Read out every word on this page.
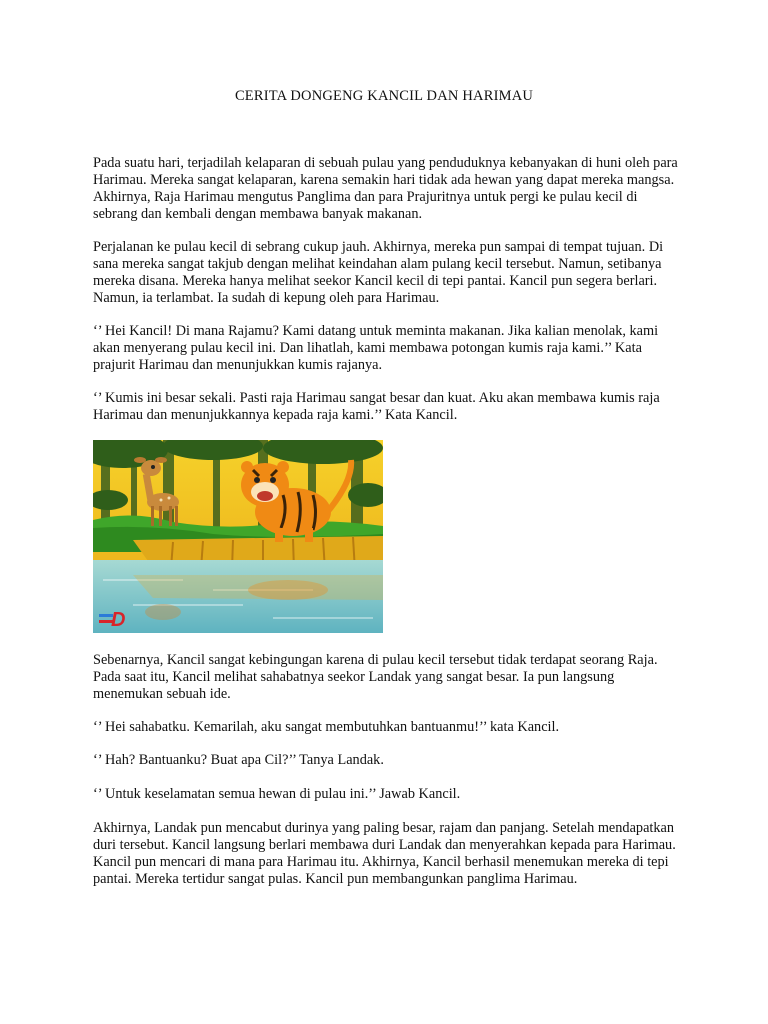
CERITA DONGENG KANCIL DAN HARIMAU

Pada suatu hari, terjadilah kelaparan di sebuah pulau yang penduduknya kebanyakan di huni oleh para Harimau. Mereka sangat kelaparan, karena semakin hari tidak ada hewan yang dapat mereka mangsa. Akhirnya, Raja Harimau mengutus Panglima dan para Prajuritnya untuk pergi ke pulau kecil di sebrang dan kembali dengan membawa banyak makanan.

Perjalanan ke pulau kecil di sebrang cukup jauh. Akhirnya, mereka pun sampai di tempat tujuan. Di sana mereka sangat takjub dengan melihat keindahan alam pulang kecil tersebut. Namun, setibanya mereka disana. Mereka hanya melihat seekor Kancil kecil di tepi pantai. Kancil pun segera berlari. Namun, ia terlambat. Ia sudah di kepung oleh para Harimau.

‘’ Hei Kancil! Di mana Rajamu? Kami datang untuk meminta makanan. Jika kalian menolak, kami akan menyerang pulau kecil ini. Dan lihatlah, kami membawa potongan kumis raja kami.’’ Kata prajurit Harimau dan menunjukkan kumis rajanya.

‘’ Kumis ini besar sekali. Pasti raja Harimau sangat besar dan kuat. Aku akan membawa kumis raja Harimau dan menunjukkannya kepada raja kami.’’ Kata Kancil.

D

Sebenarnya, Kancil sangat kebingungan karena di pulau kecil tersebut tidak terdapat seorang Raja. Pada saat itu, Kancil melihat sahabatnya seekor Landak yang sangat besar. Ia pun langsung menemukan sebuah ide.

‘’ Hei sahabatku. Kemarilah, aku sangat membutuhkan bantuanmu!’’ kata Kancil.

‘’ Hah? Bantuanku? Buat apa Cil?’’ Tanya Landak.

‘’ Untuk keselamatan semua hewan di pulau ini.’’ Jawab Kancil.

Akhirnya, Landak pun mencabut durinya yang paling besar, rajam dan panjang. Setelah mendapatkan duri tersebut. Kancil langsung berlari membawa duri Landak dan menyerahkan kepada para Harimau. Kancil pun mencari di mana para Harimau itu. Akhirnya, Kancil berhasil menemukan mereka di tepi pantai. Mereka tertidur sangat pulas. Kancil pun membangunkan panglima Harimau.
